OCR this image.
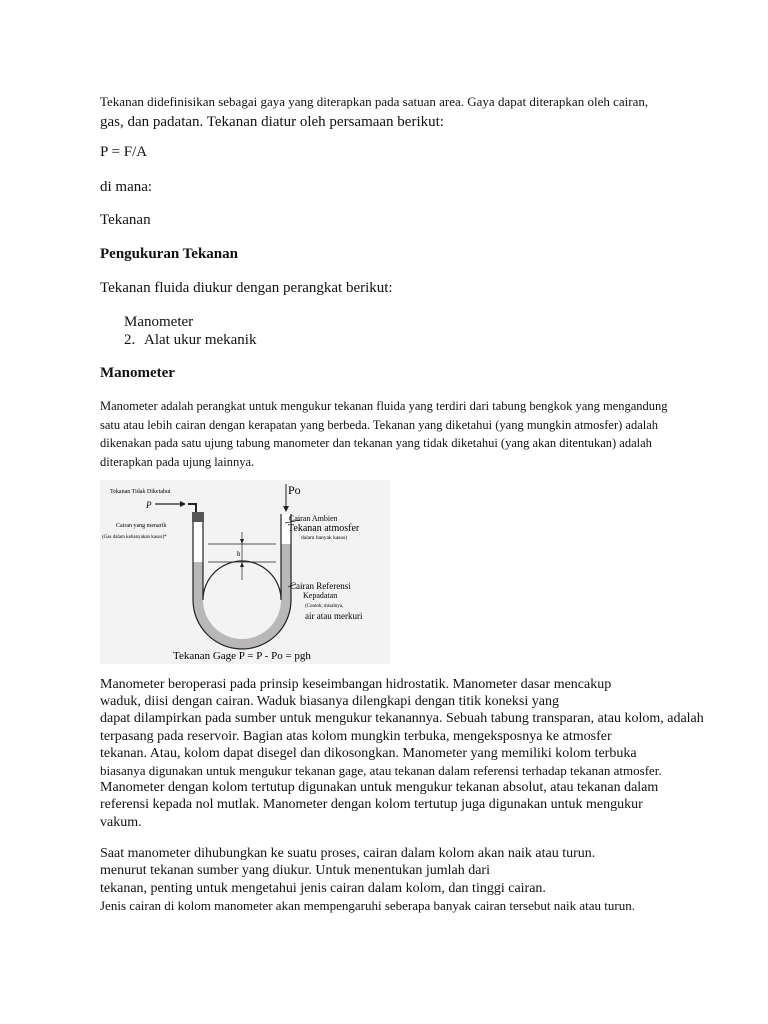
Tekanan didefinisikan sebagai gaya yang diterapkan pada satuan area. Gaya dapat diterapkan oleh cairan,
gas, dan padatan. Tekanan diatur oleh persamaan berikut:

P = F/A

di mana:

Tekanan

Pengukuran Tekanan

Tekanan fluida diukur dengan perangkat berikut:

Manometer
2. Alat ukur mekanik

Manometer

Manometer adalah perangkat untuk mengukur tekanan fluida yang terdiri dari tabung bengkok yang mengandung
satu atau lebih cairan dengan kerapatan yang berbeda. Tekanan yang diketahui (yang mungkin atmosfer) adalah
dikenakan pada satu ujung tabung manometer dan tekanan yang tidak diketahui (yang akan ditentukan) adalah
diterapkan pada ujung lainnya.
P
Po
h
Tekanan Tidak Diketahui
Cairan yang menarik
(Gas dalam kebanyakan kasus)*
Cairan Ambien
Tekanan atmosfer
dalam banyak kasus)
Cairan Referensi
Kepadatan
(Contoh, misalnya,
air atau merkuri
Tekanan Gage P = P - Po = pgh
Manometer beroperasi pada prinsip keseimbangan hidrostatik. Manometer dasar mencakup
waduk, diisi dengan cairan. Waduk biasanya dilengkapi dengan titik koneksi yang
dapat dilampirkan pada sumber untuk mengukur tekanannya. Sebuah tabung transparan, atau kolom, adalah
terpasang pada reservoir. Bagian atas kolom mungkin terbuka, mengeksposnya ke atmosfer
tekanan. Atau, kolom dapat disegel dan dikosongkan. Manometer yang memiliki kolom terbuka
biasanya digunakan untuk mengukur tekanan gage, atau tekanan dalam referensi terhadap tekanan atmosfer.
Manometer dengan kolom tertutup digunakan untuk mengukur tekanan absolut, atau tekanan dalam
referensi kepada nol mutlak. Manometer dengan kolom tertutup juga digunakan untuk mengukur
vakum.
Saat manometer dihubungkan ke suatu proses, cairan dalam kolom akan naik atau turun.
menurut tekanan sumber yang diukur. Untuk menentukan jumlah dari
tekanan, penting untuk mengetahui jenis cairan dalam kolom, dan tinggi cairan.
Jenis cairan di kolom manometer akan mempengaruhi seberapa banyak cairan tersebut naik atau turun.
